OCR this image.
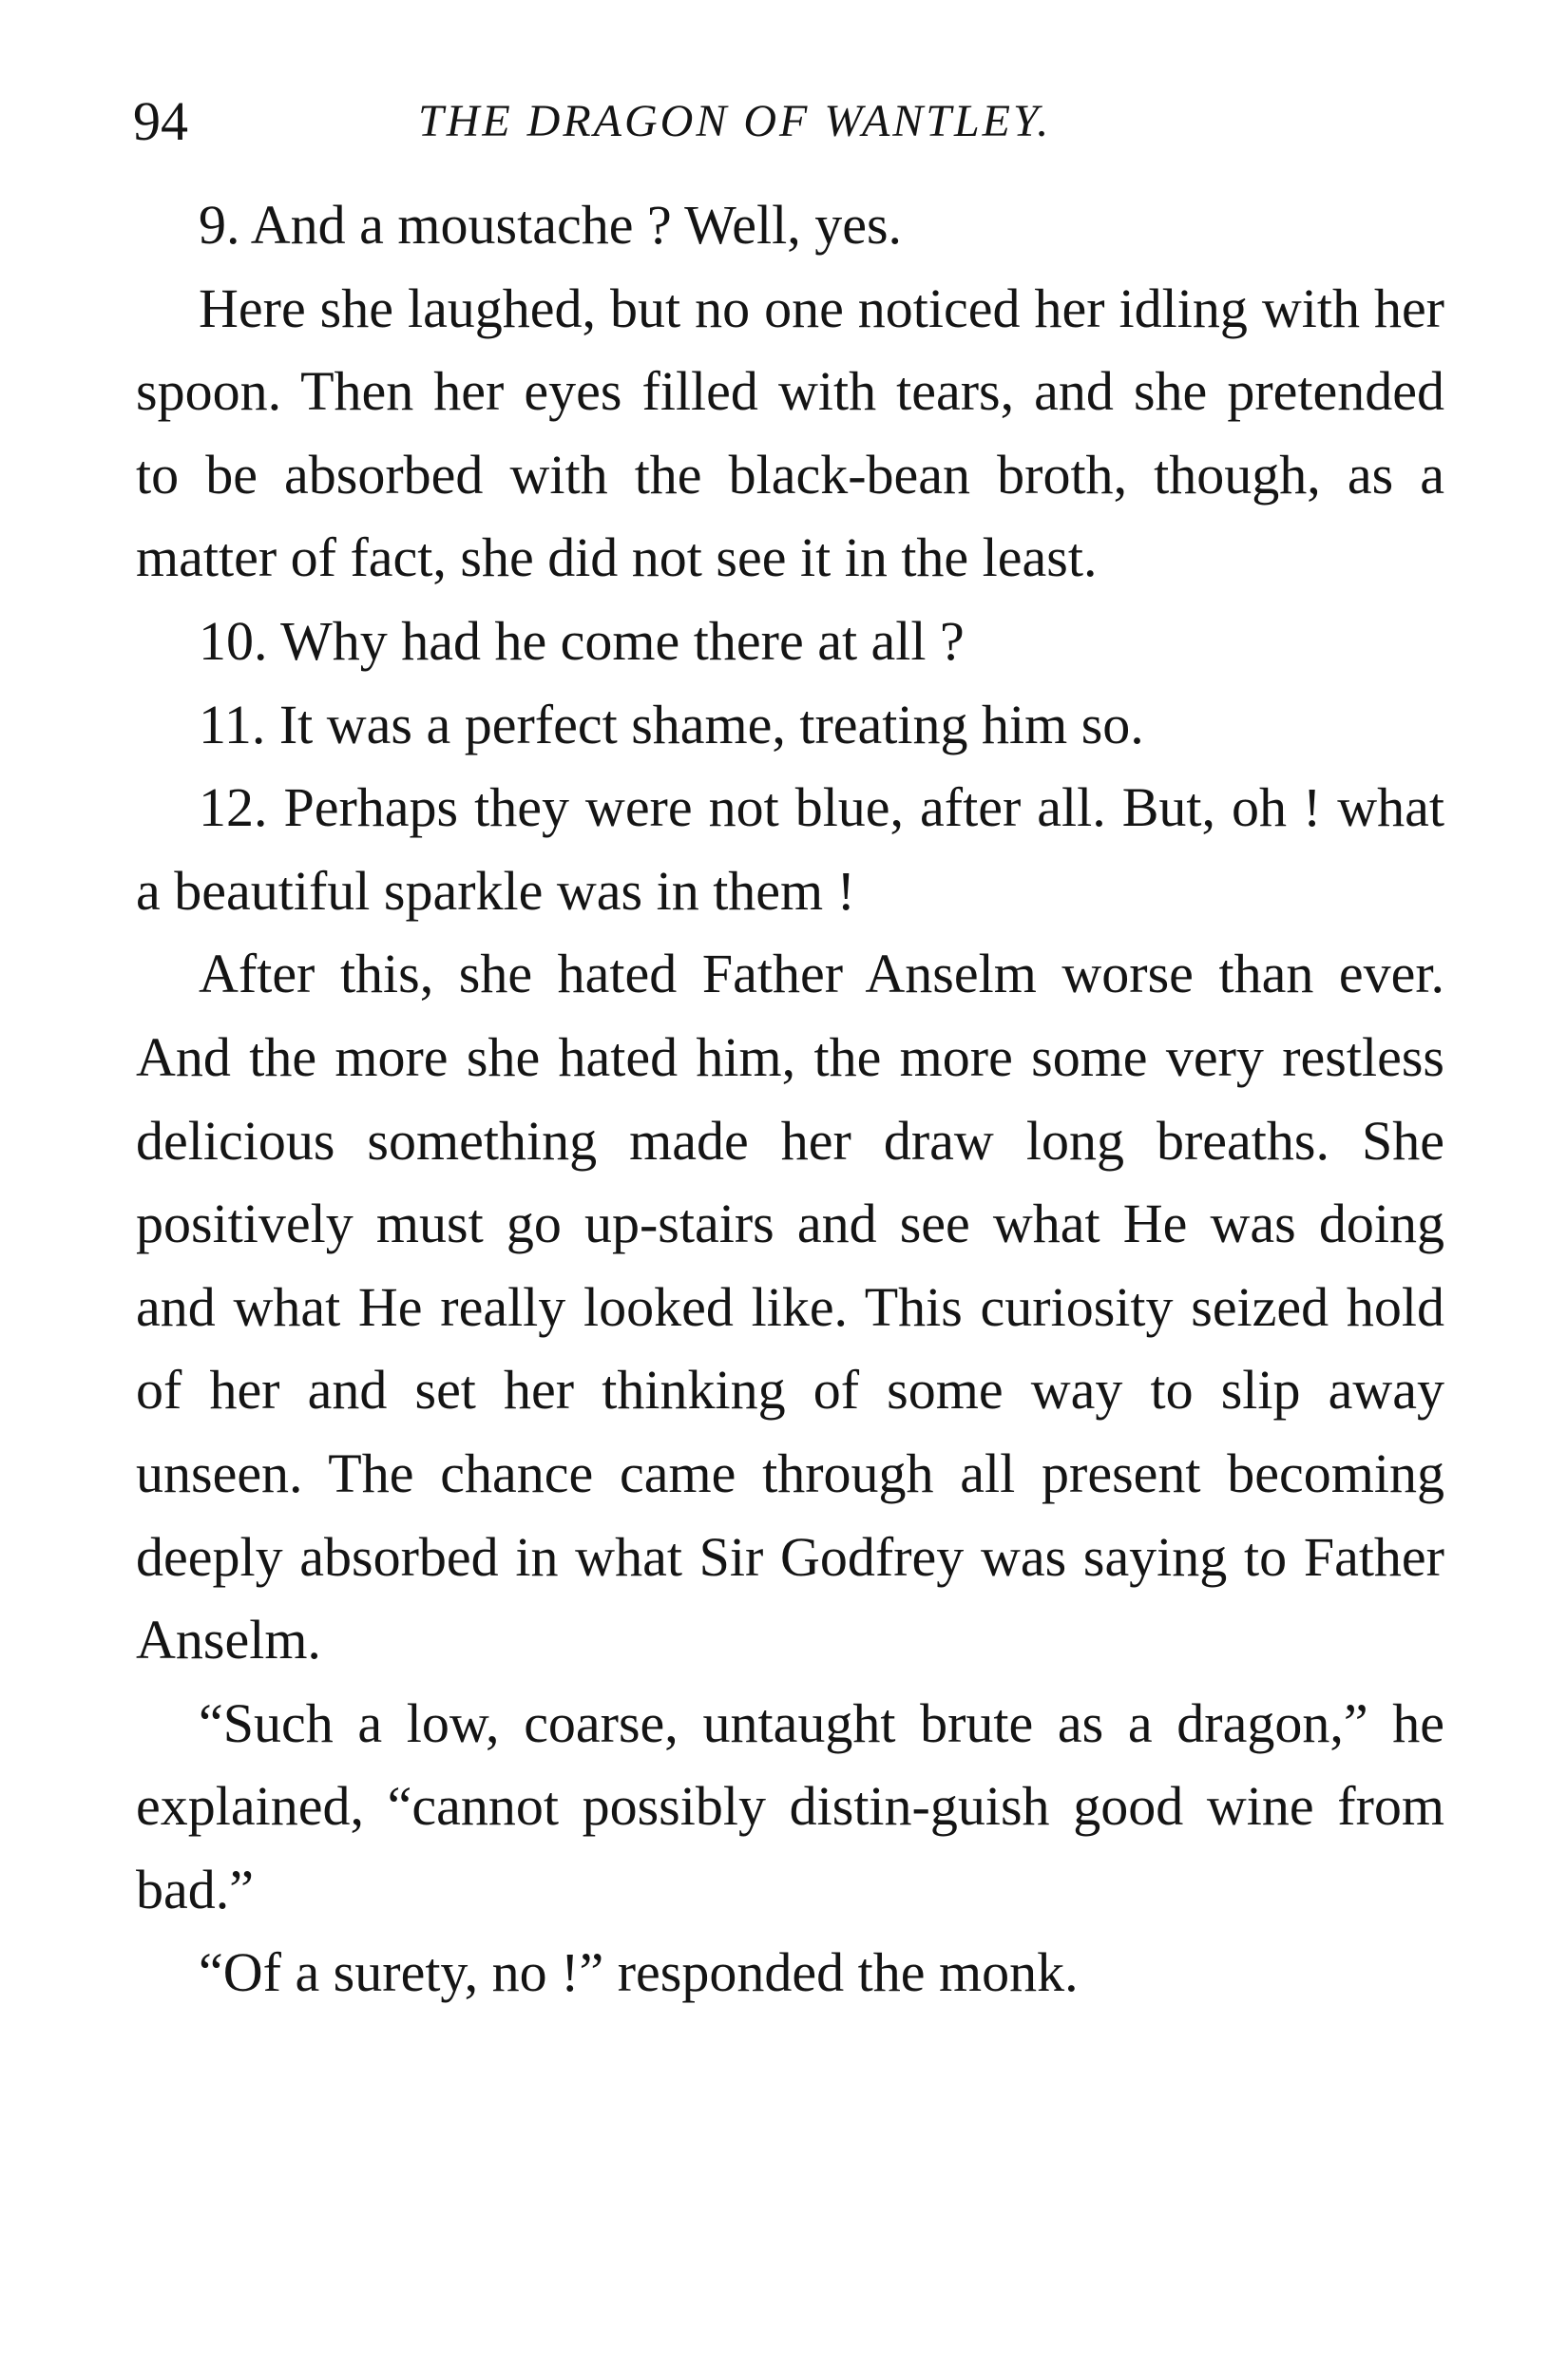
94	THE DRAGON OF WANTLEY.

9. And a moustache ? Well, yes.

Here she laughed, but no one noticed her idling with her spoon. Then her eyes filled with tears, and she pretended to be absorbed with the black-bean broth, though, as a matter of fact, she did not see it in the least.

10. Why had he come there at all ?

11. It was a perfect shame, treating him so.

12. Perhaps they were not blue, after all. But, oh ! what a beautiful sparkle was in them !

After this, she hated Father Anselm worse than ever. And the more she hated him, the more some very restless delicious something made her draw long breaths. She positively must go up-stairs and see what He was doing and what He really looked like. This curiosity seized hold of her and set her thinking of some way to slip away unseen. The chance came through all present becoming deeply absorbed in what Sir Godfrey was saying to Father Anselm.

“Such a low, coarse, untaught brute as a dragon,” he explained, “cannot possibly distin-guish good wine from bad.”

“Of a surety, no !” responded the monk.
